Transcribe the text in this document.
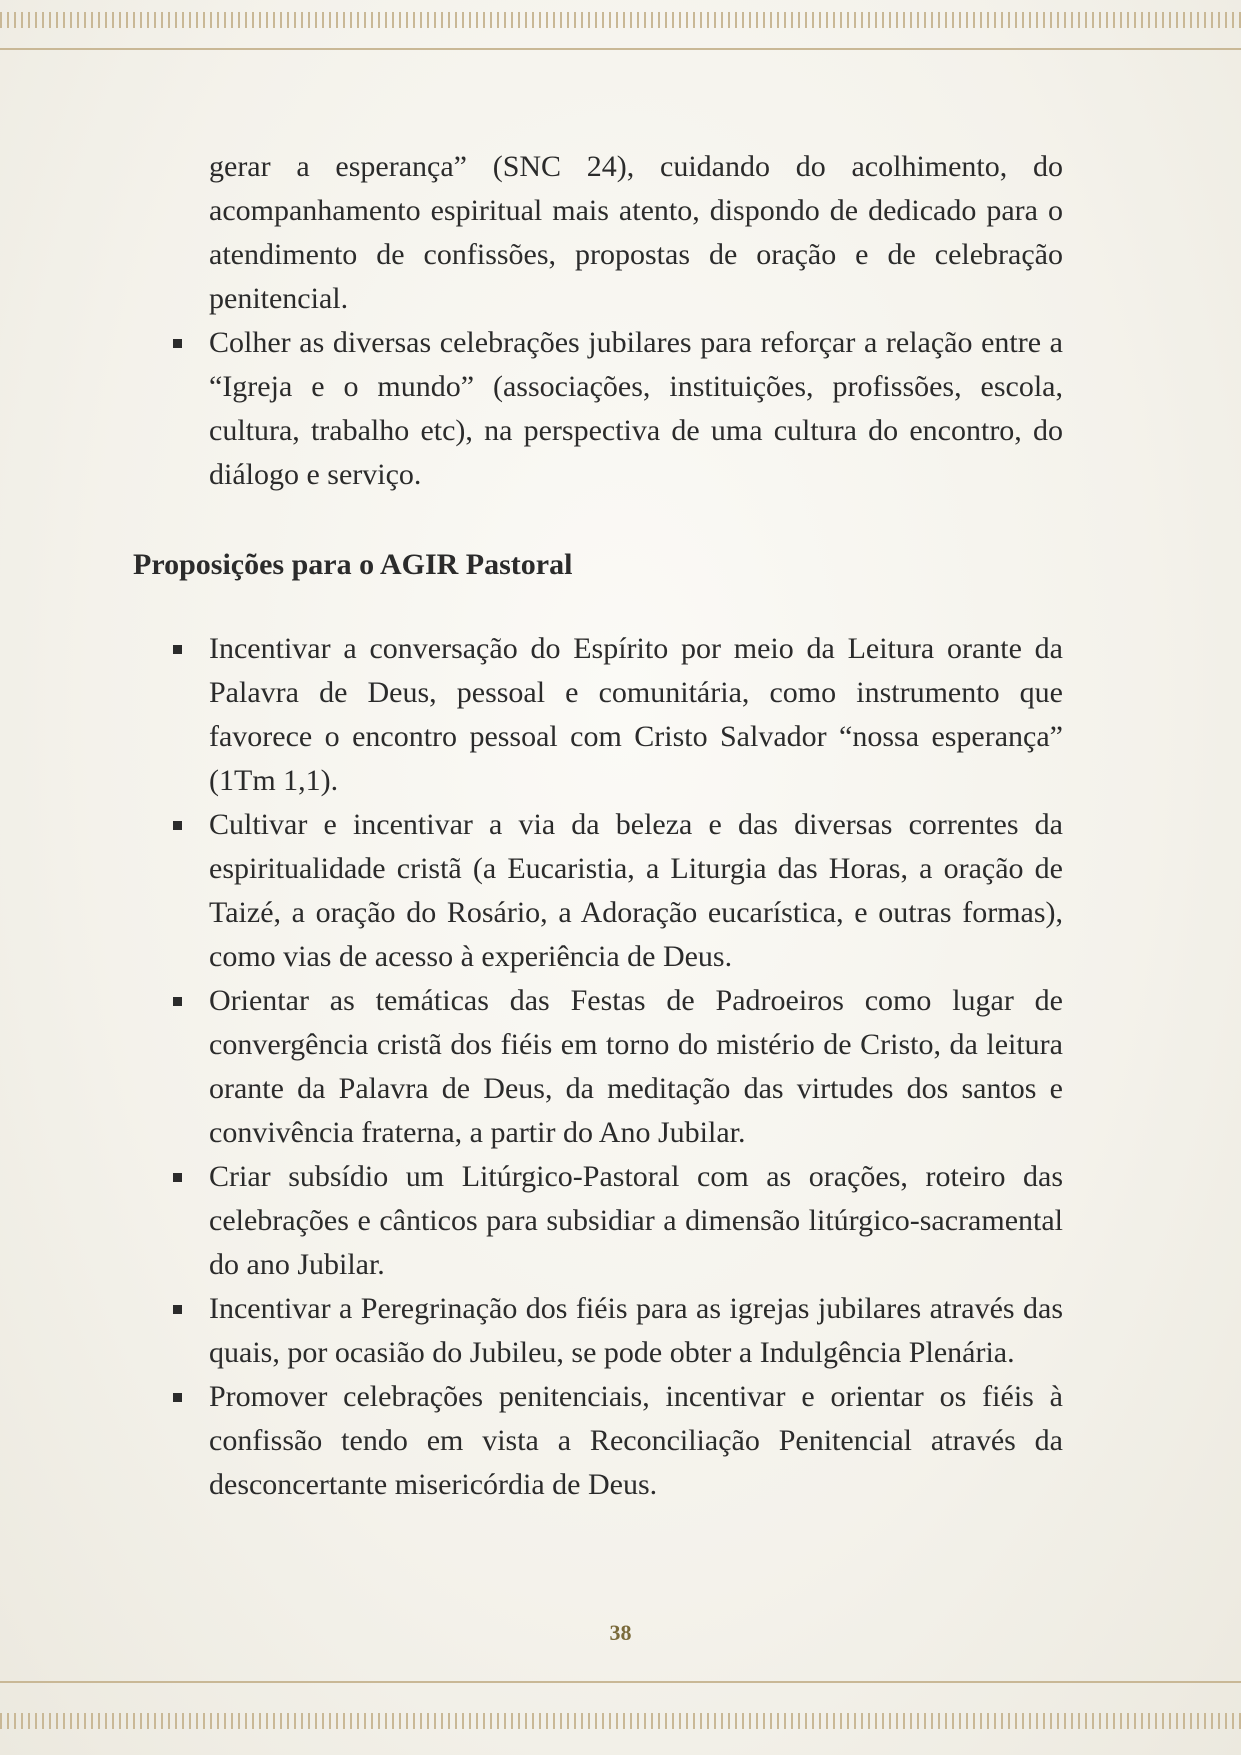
gerar a esperança” (SNC 24), cuidando do acolhimento, do acompanhamento espiritual mais atento, dispondo de dedicado para o atendimento de confissões, propostas de oração e de celebração penitencial.

Colher as diversas celebrações jubilares para reforçar a relação entre a “Igreja e o mundo” (associações, instituições, profissões, escola, cultura, trabalho etc), na perspectiva de uma cultura do encontro, do diálogo e serviço.
Proposições para o AGIR Pastoral
Incentivar a conversação do Espírito por meio da Leitura orante da Palavra de Deus, pessoal e comunitária, como instrumento que favorece o encontro pessoal com Cristo Salvador “nossa esperança” (1Tm 1,1).
Cultivar e incentivar a via da beleza e das diversas correntes da espiritualidade cristã (a Eucaristia, a Liturgia das Horas, a oração de Taizé, a oração do Rosário, a Adoração eucarística, e outras formas), como vias de acesso à experiência de Deus.
Orientar as temáticas das Festas de Padroeiros como lugar de convergência cristã dos fiéis em torno do mistério de Cristo, da leitura orante da Palavra de Deus, da meditação das virtudes dos santos e convivência fraterna, a partir do Ano Jubilar.
Criar subsídio um Litúrgico-Pastoral com as orações, roteiro das celebrações e cânticos para subsidiar a dimensão litúrgico-sacramental do ano Jubilar.
Incentivar a Peregrinação dos fiéis para as igrejas jubilares através das quais, por ocasião do Jubileu, se pode obter a Indulgência Plenária.
Promover celebrações penitenciais, incentivar e orientar os fiéis à confissão tendo em vista a Reconciliação Penitencial através da desconcertante misericórdia de Deus.
38
